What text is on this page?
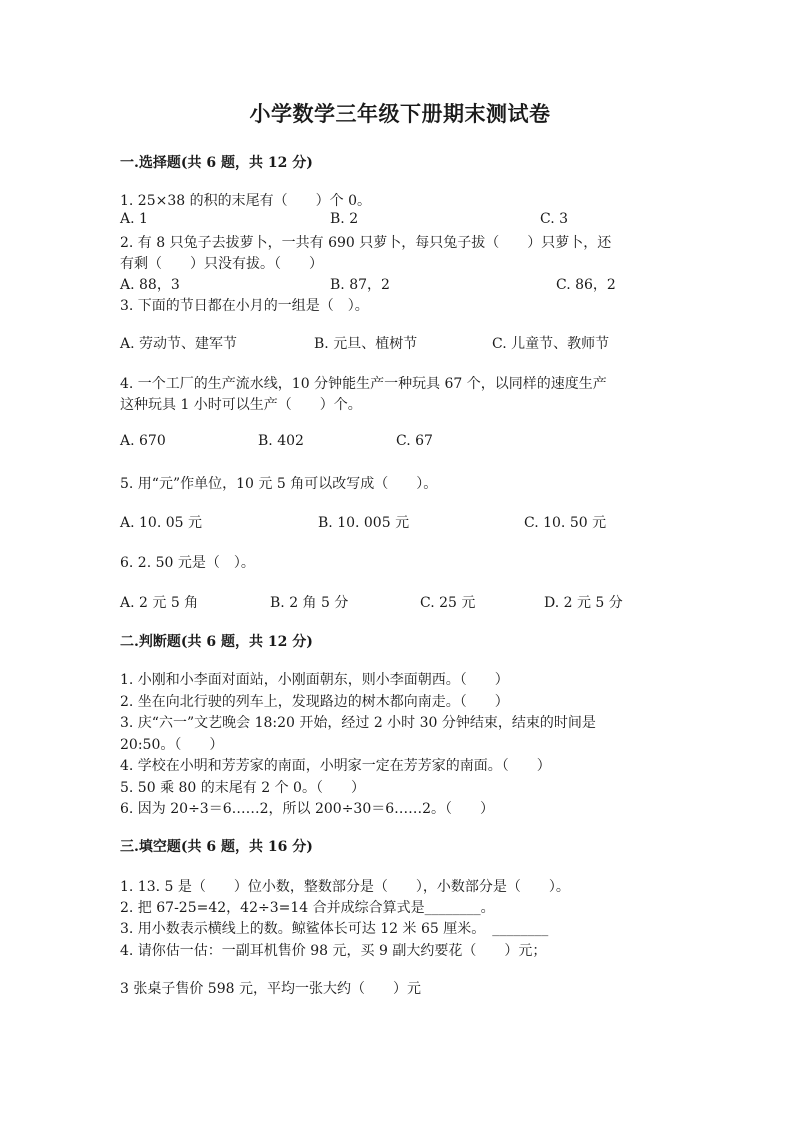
小学数学三年级下册期末测试卷
一.选择题(共 6 题，共 12 分)
1. 25×38 的积的末尾有（　　）个 0。
A. 1	B. 2	C. 3
2. 有 8 只兔子去拔萝卜，一共有 690 只萝卜，每只兔子拔（　　）只萝卜，还
有剩（　　）只没有拔。（　　）
A. 88，3	B. 87，2	C. 86，2
3. 下面的节日都在小月的一组是（　）。
A. 劳动节、建军节	B. 元旦、植树节	C. 儿童节、教师节
4. 一个工厂的生产流水线，10 分钟能生产一种玩具 67 个，以同样的速度生产
这种玩具 1 小时可以生产（　　）个。
A. 670	B. 402	C. 67
5. 用“元”作单位，10 元 5 角可以改写成（　　）。
A. 10. 05 元	B. 10. 005 元	C. 10. 50 元
6. 2. 50 元是（　）。
A. 2 元 5 角	B. 2 角 5 分	C. 25 元	D. 2 元 5 分
二.判断题(共 6 题，共 12 分)
1. 小刚和小李面对面站，小刚面朝东，则小李面朝西。（　　）
2. 坐在向北行驶的列车上，发现路边的树木都向南走。（　　）
3. 庆“六一”文艺晚会 18:20 开始，经过 2 小时 30 分钟结束，结束的时间是
20:50。（　　）
4. 学校在小明和芳芳家的南面，小明家一定在芳芳家的南面。（　　）
5. 50 乘 80 的末尾有 2 个 0。（　　）
6. 因为 20÷3＝6……2，所以 200÷30＝6……2。（　　）
三.填空题(共 6 题，共 16 分)
1. 13. 5 是（　　）位小数，整数部分是（　　），小数部分是（　　）。
2. 把 67-25=42，42÷3=14 合并成综合算式是________。
3. 用小数表示横线上的数。鲸鲨体长可达 12 米 65 厘米。　________
4. 请你估一估：一副耳机售价 98 元，买 9 副大约要花（　　）元；
3 张桌子售价 598 元，平均一张大约（　　）元
